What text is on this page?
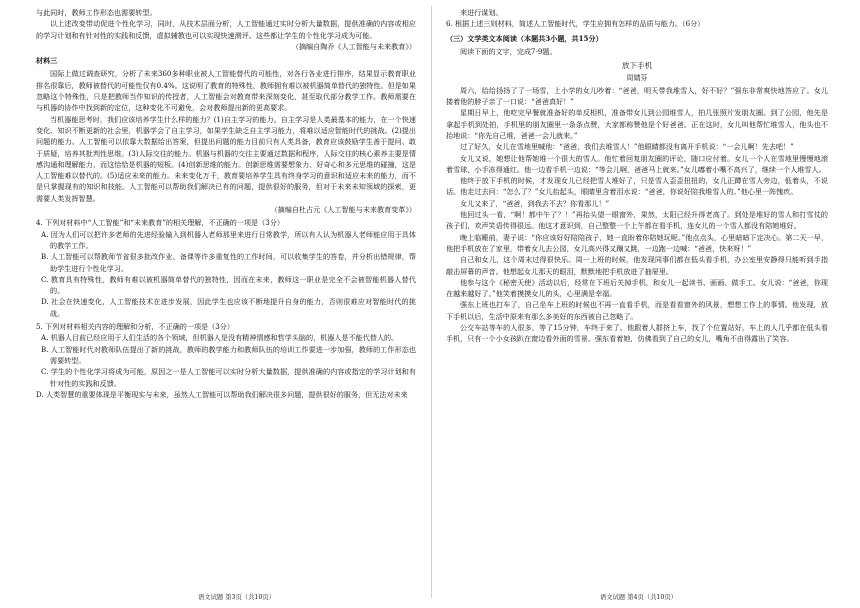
与此同时，教师工作形态也需要转型。

以上述改变带动促进个性化学习，同时，从技术层面分析，人工智能通过实时分析大量数据，提供准确的内容或相应的学习计划和有针对性的实践和反馈，虚拟辅教也可以实现快速测评。这些都让学生的个性化学习成为可能。

（摘编自陶乔《人工智能与未来教育》）

材料三

国际上做过调查研究，分析了未来360多种职业被人工智能替代的可能性，对各行各业进行排序，结果显示教育职业排名很靠后，教师被替代的可能性仅有0.4%。这说明了教育的特殊性，教师拥有难以被机器简单替代的独特性。但是如果忽略这个特殊性，只是把教师当作知识的传授者，人工智能会对教育带来深刻变化，甚至取代部分教学工作。教师需要在与机器的协作中找到新的定位，这种变化不可避免，会对教师提出新的更高要求。

当机器能思考时，我们应该培养学生什么样的能力？(1)自主学习的能力。自主学习是人类最基本的能力，在一个快速变化、知识不断更新的社会里，机器学会了自主学习，如果学生缺乏自主学习能力，将难以适应智能时代的挑战。(2)提出问题的能力。人工智能可以依靠大数据给出答案，但提出问题的能力目前只有人类具备，教育应该鼓励学生善于提问、敢于质疑，培养其批判性思维。(3)人际交往的能力。机器与机器的交往主要通过数据和程序，人际交往的核心素养主要是情感沟通和理解能力，而这恰恰是机器的短板。(4)创新思维的能力。创新思维需要想象力、好奇心和多元思维的碰撞，这是人工智能难以替代的。(5)适应未来的能力。未来变化万千，教育要培养学生具有终身学习的意识和适应未来的能力，而不是只掌握现有的知识和技能。人工智能可以帮助我们解决已有的问题，提供很好的服务，但对于未来未知领域的探索，更需要人类发挥智慧。

（摘编自杜占元《人工智能与未来教育变革》）

4. 下列对材料中“人工智能”和“未来教育”的相关理解，不正确的一项是（3分）

A. 因为人们可以把许多老师的先进经验输入到机器人老师那里来进行日常教学，所以有人认为机器人老师能应用于具体的教学工作。

B. 人工智能可以帮教师节省很多批改作业、备课等许多重复性的工作时间，可以收集学生的答卷，并分析出错规律，帮助学生进行个性化学习。

C. 教育具有特殊性，教师有难以被机器简单替代的独特性，因而在未来，教师这一职业是完全不会被智能机器人替代的。

D. 社会在快速变化，人工智能技术在进步发展，因此学生也应该不断地提升自身的能力，否则很难应对智能时代的挑战。

5. 下列对材料相关内容的理解和分析，不正确的一项是（3分）

A. 机器人目前已经应用于人们生活的各个领域，但机器人是没有精神情感和哲学头脑的，机器人是不能代替人的。

B. 人工智能时代对教师队伍提出了新的挑战，教师的教学能力和教师队伍的培训工作要进一步加强，教师的工作形态也需要转型。

C. 学生的个性化学习将成为可能，原因之一是人工智能可以实时分析大量数据，提供准确的内容或指定的学习计划和有针对性的实践和反馈。

D. 人类智慧的重要体现是平衡现实与未来，虽然人工智能可以帮助我们解决很多问题，提供很好的服务，但无法对未来

来进行谋划。

6. 根据上述三则材料，简述人工智能时代，学生应拥有怎样的品质与能力。（6分）

（三）文学类文本阅读（本题共3小题，共15分）

阅读下面的文字，完成7-9题。

放下手机

周婧芬

周六，给给扬扬了了一场雪，上小学的女儿吵着：“爸爸，明天带我堆雪人，好不好？”强东非常爽快地答应了。女儿搂着他的脖子亲了一口说：“爸爸真好！”

星期日早上，他吃完早餐就准备好的单反相机，准备带女儿到公园堆雪人，拍几张照片发朋友圈。到了公园，他先是拿起手机到处拍，手机里的朋友圈里一条条点赞，大家都称赞他是个好爸爸。正在这时，女儿叫他帮忙堆雪人，他头也不抬地说：“你先自己堆，爸爸一会儿就来。”

过了好久，女儿在雪地里喊他：“爸爸，我们去堆雪人！”他眼睛都没有离开手机说：“一会儿啊！先去吧！”

女儿又说，她想让他帮她堆一个很大的雪人。他忙着回复朋友圈的评论，随口应付着。女儿一个人在雪地里慢慢地滚着雪球，小手冻得通红。他一边看手机一边说：“等会儿啊，爸爸马上就来。”女儿嘟着小嘴不高兴了，继续一个人堆雪人。

他终于放下手机的时候，才发现女儿已经把雪人堆好了，只是雪人歪歪扭扭的，女儿正蹲在雪人旁边，低着头，不说话。他走过去问：“怎么了？”女儿抬起头，眼睛里含着泪水说：“爸爸，你说好陪我堆雪人的。”他心里一阵愧疚。

女儿又来了，“爸爸，到我去不去？你看那儿！”

他回过头一看，“啊！都中午了？！”再抬头望一眼窗外，果然，太阳已经升得老高了。到处是堆好的雪人和打雪仗的孩子们，欢声笑语传得很远。他这才意识到，自己整整一个上午都在看手机，连女儿的一个雪人都没有陪她堆好。

晚上临睡前，妻子说：“你应该好好陪陪孩子，她一直盼着你陪她玩呢。”他点点头，心里暗暗下定决心。第二天一早，他把手机放在了家里，带着女儿去公园，女儿高兴得又蹦又跳，一边跑一边喊：“爸爸，快来呀！”

自己和女儿，这个周末过得很快乐。周一上班的时候，他发现同事们都在低头看手机，办公室里安静得只能听到手指敲击屏幕的声音。他想起女儿那天的眼泪，默默地把手机放进了抽屉里。

他参与这个《秘密天使》活动以后，经常在下班后关掉手机，和女儿一起读书、画画、做手工。女儿说：“爸爸，你现在越来越好了。”他笑着摸摸女儿的头，心里满是幸福。

强东上班也打车了，自己坐车上班的时候也不再一直看手机，而是看看窗外的风景，想想工作上的事情。他发现，放下手机以后，生活中原来有那么多美好的东西被自己忽略了。

公交车站等车的人很多，等了15分钟，车终于来了。他跟着人群挤上车，找了个位置站好。车上的人几乎都在低头看手机，只有一个小女孩趴在窗边看外面的雪景。强东看着她，仿佛看到了自己的女儿，嘴角不由得露出了笑容。

语文试题 第3页（共10页）	语文试题 第4页（共10页）
